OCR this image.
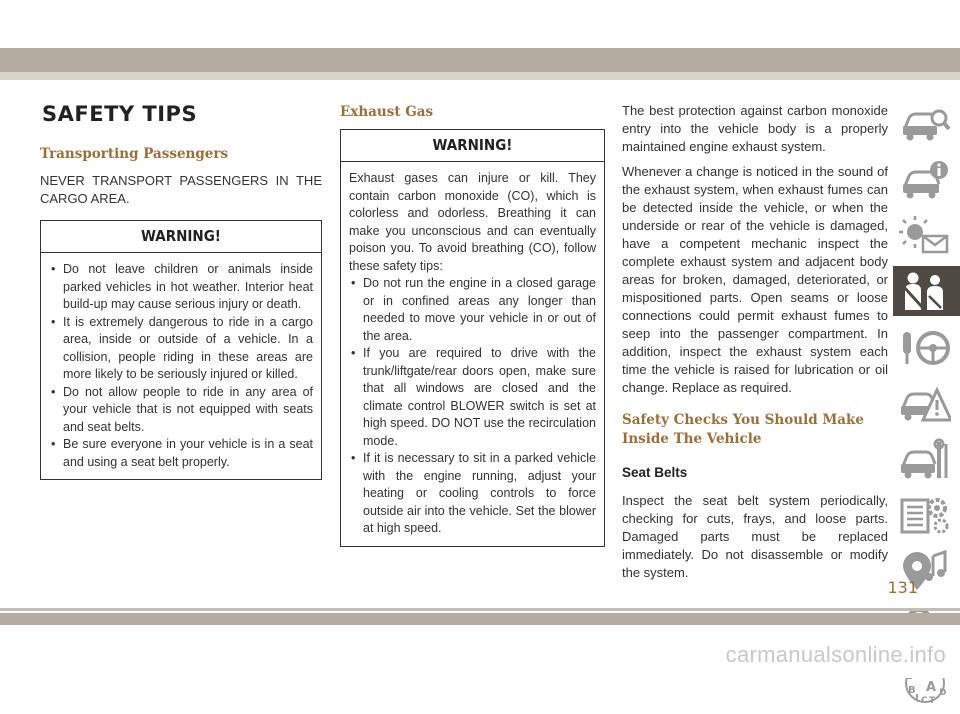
SAFETY TIPS
Transporting Passengers

NEVER TRANSPORT PASSENGERS IN THE CARGO AREA.

WARNING!
• Do not leave children or animals inside parked vehicles in hot weather. Interior heat build-up may cause serious injury or death.
• It is extremely dangerous to ride in a cargo area, inside or outside of a vehicle. In a collision, people riding in these areas are more likely to be seriously injured or killed.
• Do not allow people to ride in any area of your vehicle that is not equipped with seats and seat belts.
• Be sure everyone in your vehicle is in a seat and using a seat belt properly.
Exhaust Gas
WARNING!

Exhaust gases can injure or kill. They contain carbon monoxide (CO), which is colorless and odorless. Breathing it can make you unconscious and can eventually poison you. To avoid breathing (CO), follow these safety tips:

• Do not run the engine in a closed garage or in confined areas any longer than needed to move your vehicle in or out of the area.
• If you are required to drive with the trunk/liftgate/rear doors open, make sure that all windows are closed and the climate control BLOWER switch is set at high speed. DO NOT use the recirculation mode.
• If it is necessary to sit in a parked vehicle with the engine running, adjust your heating or cooling controls to force outside air into the vehicle. Set the blower at high speed.

The best protection against carbon monoxide entry into the vehicle body is a properly maintained engine exhaust system.

Whenever a change is noticed in the sound of the exhaust system, when exhaust fumes can be detected inside the vehicle, or when the underside or rear of the vehicle is damaged, have a competent mechanic inspect the complete exhaust system and adjacent body areas for broken, damaged, deteriorated, or mispositioned parts. Open seams or loose connections could permit exhaust fumes to seep into the passenger compartment. In addition, inspect the exhaust system each time the vehicle is raised for lubrication or oil change. Replace as required.

Safety Checks You Should Make Inside The Vehicle
Seat Belts

Inspect the seat belt system periodically, checking for cuts, frays, and loose parts. Damaged parts must be replaced immediately. Do not disassemble or modify the system.

B A
I C T
D
131
carmanualsonline.info
